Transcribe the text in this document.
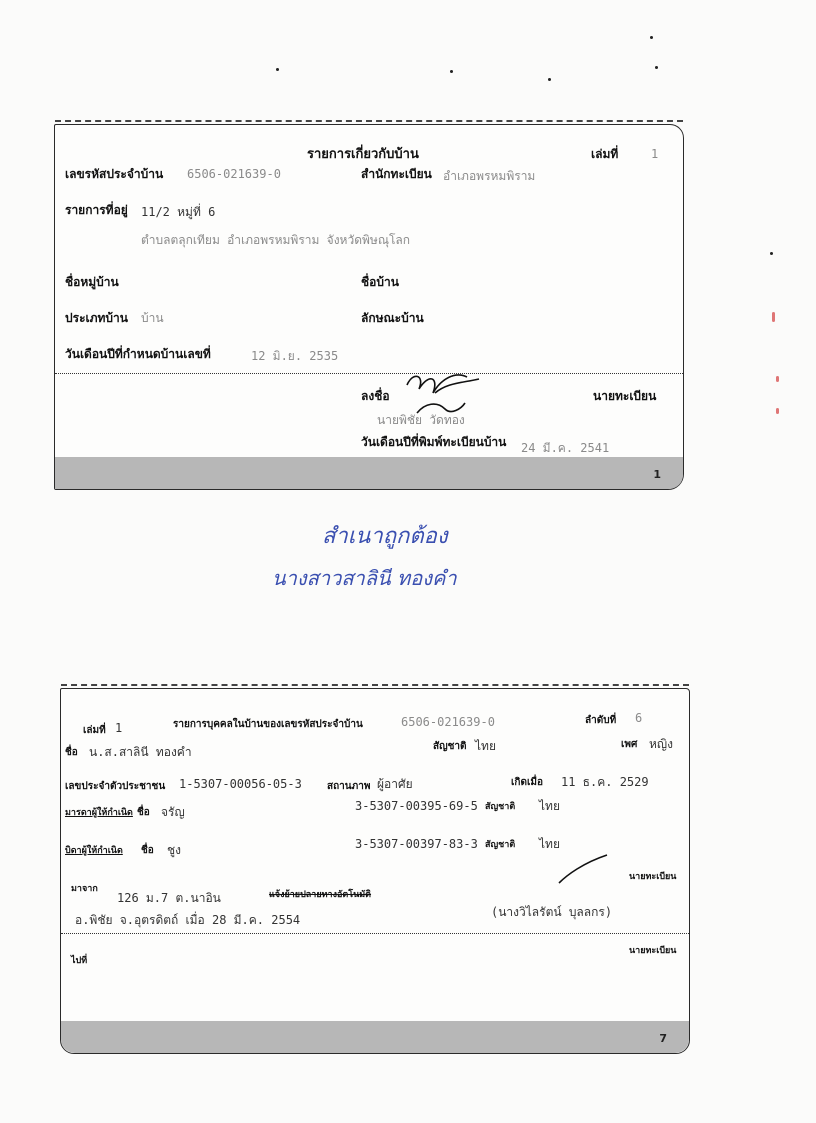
รายการเกี่ยวกับบ้าน	เล่มที่	1
เลขรหัสประจำบ้าน 6506-021639-0	สำนักทะเบียน อำเภอพรหมพิราม
รายการที่อยู่ 11/2 หมู่ที่ 6
ตำบลตลุกเทียม อำเภอพรหมพิราม จังหวัดพิษณุโลก
ชื่อหมู่บ้าน	ชื่อบ้าน
ประเภทบ้าน บ้าน	ลักษณะบ้าน
วันเดือนปีที่กำหนดบ้านเลขที่	12 มิ.ย. 2535
ลงชื่อ
นายพิชัย วัดทอง
นายทะเบียน
วันเดือนปีที่พิมพ์ทะเบียนบ้าน 24 มี.ค. 2541
1
สำเนาถูกต้อง
นางสาวสาลินี ทองคำ
เล่มที่ 1	รายการบุคคลในบ้านของเลขรหัสประจำบ้าน	6506-021639-0	ลำดับที่ 6
ชื่อ น.ส.สาลินี ทองคำ	สัญชาติ ไทย	เพศ หญิง
เลขประจำตัวประชาชน 1-5307-00056-05-3	สถานภาพ ผู้อาศัย	เกิดเมื่อ 11 ธ.ค. 2529
มารดาผู้ให้กำเนิด ชื่อ จรัญ	3-5307-00395-69-5 สัญชาติ ไทย
บิดาผู้ให้กำเนิด ชื่อ ชูง	3-5307-00397-83-3 สัญชาติ ไทย
นายทะเบียน
มาจาก
126 ม.7 ต.นาอิน	แจ้งย้ายปลายทางอัตโนมัติ
อ.พิชัย จ.อุตรดิตถ์ เมื่อ 28 มี.ค. 2554
(นางวิไลรัตน์ บุลลกร)
นายทะเบียน
ไปที่
7
